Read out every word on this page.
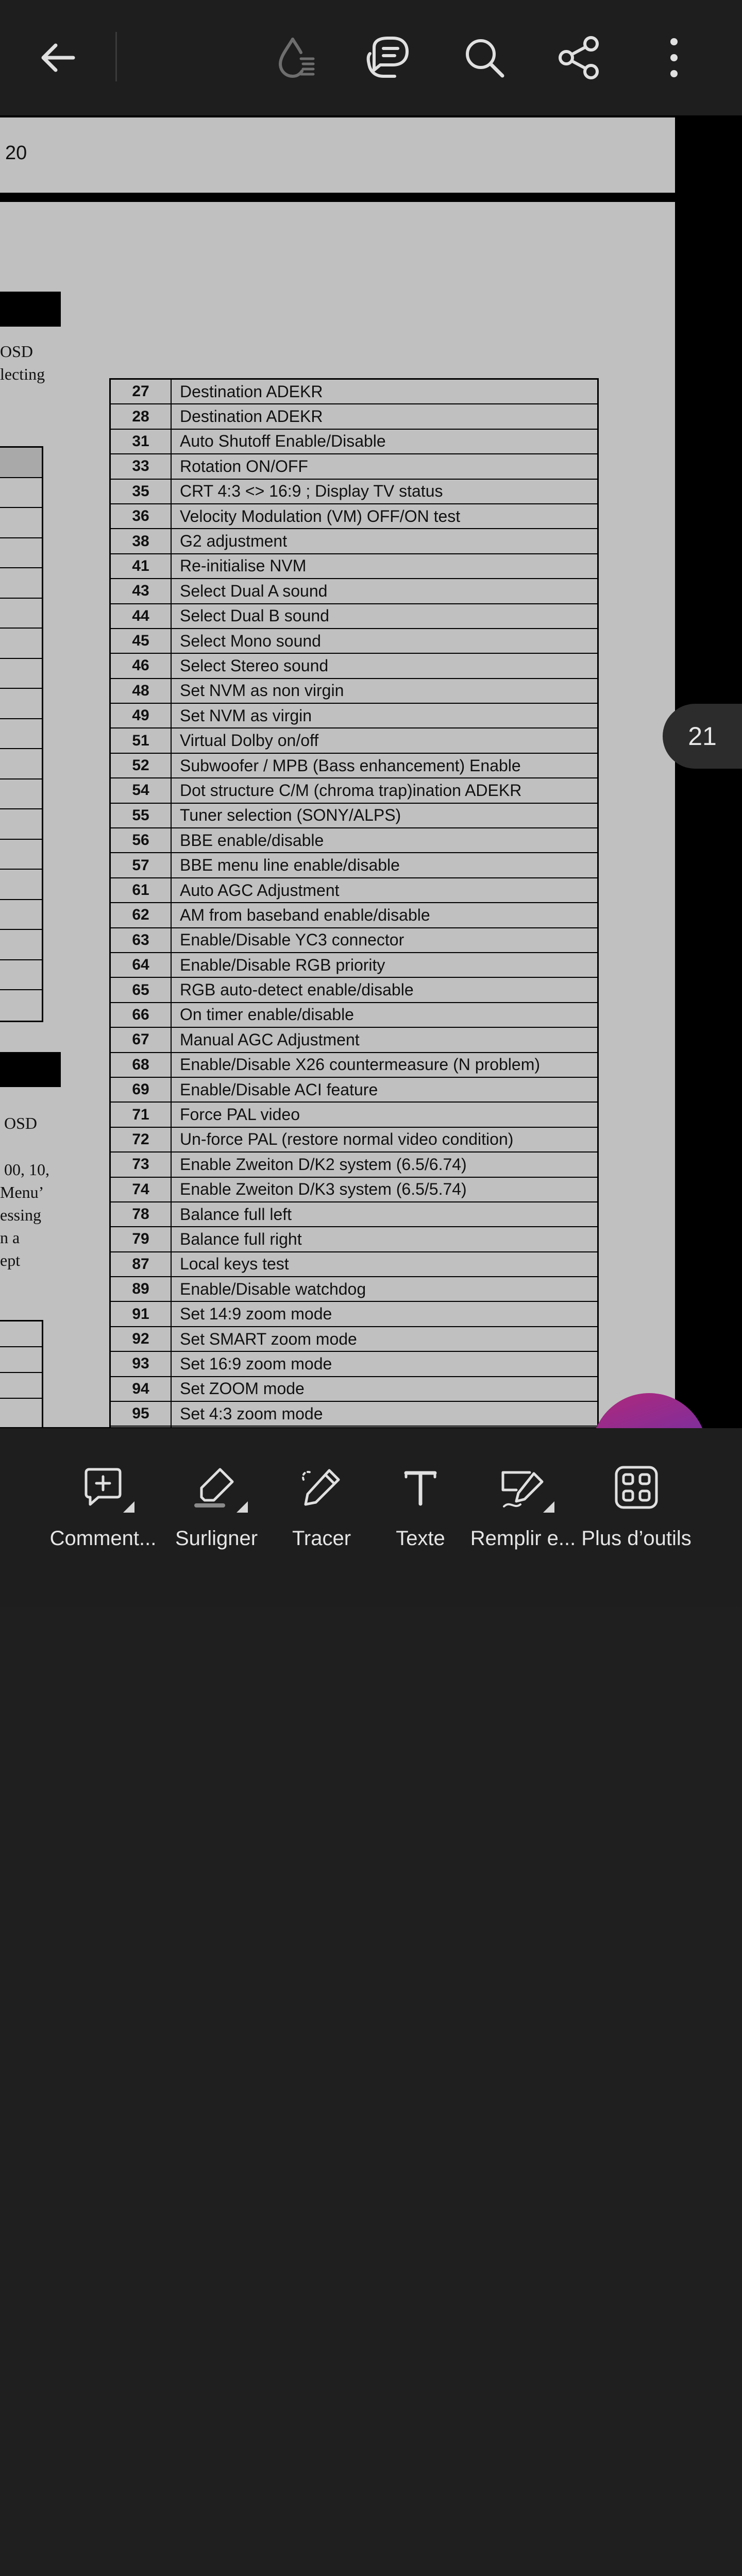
20
OSD
lecting
OSD
00, 10,
Menu’
essing
n a
ept
27	Destination ADEKR
28	Destination ADEKR
31	Auto Shutoff Enable/Disable
33	Rotation ON/OFF
35	CRT 4:3 <> 16:9 ; Display TV status
36	Velocity Modulation (VM) OFF/ON test
38	G2 adjustment
41	Re-initialise NVM
43	Select Dual A sound
44	Select Dual B sound
45	Select Mono sound
46	Select Stereo sound
48	Set NVM as non virgin
49	Set NVM as virgin
51	Virtual Dolby on/off
52	Subwoofer / MPB (Bass enhancement) Enable
54	Dot structure C/M (chroma trap)ination ADEKR
55	Tuner selection (SONY/ALPS)
56	BBE enable/disable
57	BBE menu line enable/disable
61	Auto AGC Adjustment
62	AM from baseband enable/disable
63	Enable/Disable YC3 connector
64	Enable/Disable RGB priority
65	RGB auto-detect enable/disable
66	On timer enable/disable
67	Manual AGC Adjustment
68	Enable/Disable X26 countermeasure (N problem)
69	Enable/Disable ACI feature
71	Force PAL video
72	Un-force PAL (restore normal video condition)
73	Enable Zweiton D/K2 system (6.5/6.74)
74	Enable Zweiton D/K3 system (6.5/5.74)
78	Balance full left
79	Balance full right
87	Local keys test
89	Enable/Disable watchdog
91	Set 14:9 zoom mode
92	Set SMART zoom mode
93	Set 16:9 zoom mode
94	Set ZOOM mode
95	Set 4:3 zoom mode
21
Comment... Surligner Tracer Texte Remplir e... Plus d’outils
